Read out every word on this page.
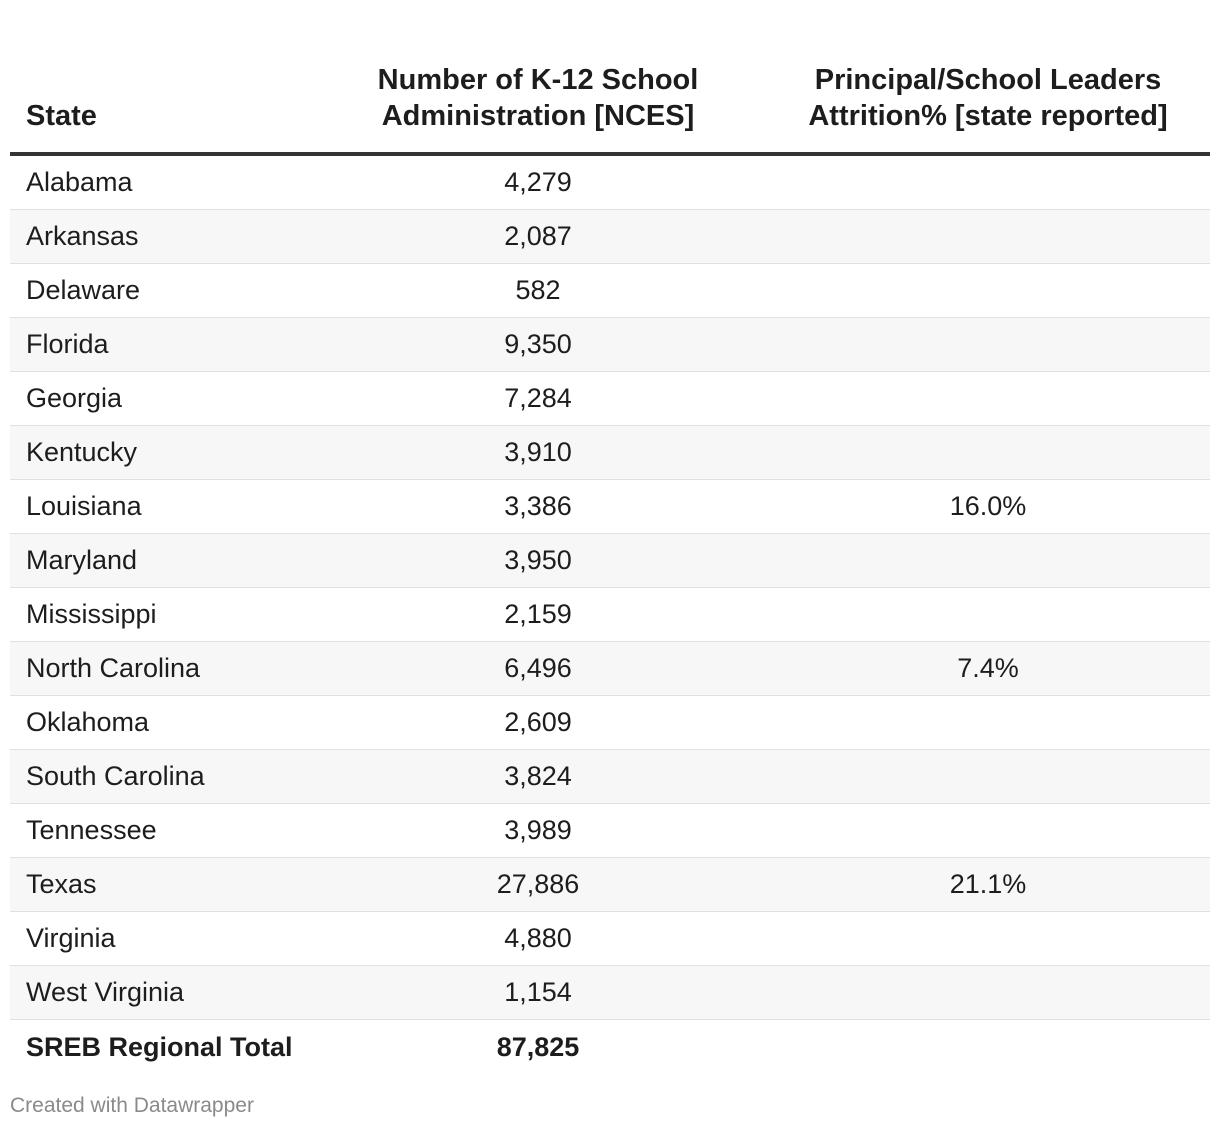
State	Number of K-12 School Administration [NCES]	Principal/School Leaders Attrition% [state reported]
Alabama	4,279	
Arkansas	2,087	
Delaware	582	
Florida	9,350	
Georgia	7,284	
Kentucky	3,910	
Louisiana	3,386	16.0%
Maryland	3,950	
Mississippi	2,159	
North Carolina	6,496	7.4%
Oklahoma	2,609	
South Carolina	3,824	
Tennessee	3,989	
Texas	27,886	21.1%
Virginia	4,880	
West Virginia	1,154	
SREB Regional Total	87,825	
Created with Datawrapper
